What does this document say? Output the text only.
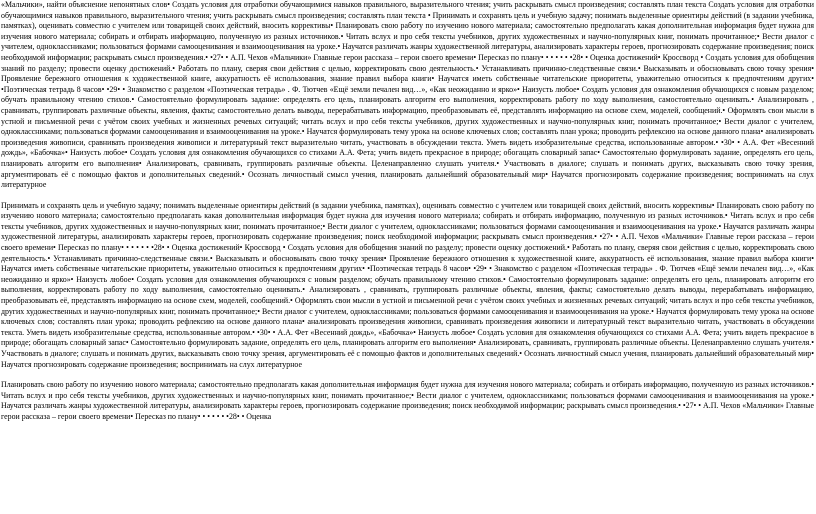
«Мальчики», найти объяснение непонятных слов• Создать условия для отработки обучающимися навыков правильного, выразительного чтения; учить раскрывать смысл произведения; составлять план текста Создать условия для отработки обучающимися навыков правильного, выразительного чтения; учить раскрывать смысл произведения; составлять план текста • Принимать и сохранять цель и учебную задачу; понимать выделенные ориентиры действий (в задании учебника, памятках), оценивать совместно с учителем или товарищей своих действий, вносить коррективы• Планировать свою работу по изучению нового материала; самостоятельно предполагать какая дополнительная информация будет нужна для изучения нового материала; собирать и отбирать информацию, полученную из разных источников.• Читать вслух и про себя тексты учебников, других художественных и научно-популярных книг, понимать прочитанное;• Вести диалог с учителем, одноклассниками; пользоваться формами самооценивания и взаимооценивания на уроке.• Научатся различать жанры художественной литературы, анализировать характеры героев, прогнозировать содержание произведения; поиск необходимой информации; раскрывать смысл произведения.• •27• • А.П. Чехов «Мальчики» Главные герои рассказа – герои своего времени• Пересказ по плану• • • • • • •28• • Оценка достижений• Кроссворд • Создать условия для обобщения знаний по разделу; провести оценку достижений.• Работать по плану, сверяя свои действия с целью, корректировать свою деятельность.• Устанавливать причинно-следственные связи.• Высказывать и обосновывать свою точку зрения• Проявление бережного отношения к художественной книге, аккуратность её использования, знание правил выбора книги• Научатся иметь собственные читательские приоритеты, уважительно относиться к предпочтениям других• •Поэтическая тетрадь 8 часов• •29• • Знакомство с разделом «Поэтическая тетрадь» . Ф. Тютчев «Ещё земли печален вид…», «Как неожиданно и ярко»• Наизусть любое• Создать условия для ознакомления обучающихся с новым разделом; обучать правильному чтению стихов.• Самостоятельно формулировать задание: определять его цель, планировать алгоритм его выполнения, корректировать работу по ходу выполнения, самостоятельно оценивать.• Анализировать , сравнивать, группировать различные объекты, явления, факты; самостоятельно делать выводы, перерабатывать информацию, преобразовывать её, представлять информацию на основе схем, моделей, сообщений.• Оформлять свои мысли в устной и письменной речи с учётом своих учебных и жизненных речевых ситуаций; читать вслух и про себя тексты учебников, других художественных и научно-популярных книг, понимать прочитанное;• Вести диалог с учителем, одноклассниками; пользоваться формами самооценивания и взаимооценивания на уроке.• Научатся формулировать тему урока на основе ключевых слов; составлять план урока; проводить рефлексию на основе данного плана• анализировать произведения живописи, сравнивать произведения живописи и литературный текст выразительно читать, участвовать в обсуждении текста. Уметь видеть изобразительные средства, использованные автором.• •30• • А.А. Фет «Весенний дождь», «Бабочка»• Наизусть любое• Создать условия для ознакомления обучающихся со стихами А.А. Фета; учить видеть прекрасное в природе; обогащать словарный запас• Самостоятельно формулировать задание, определять его цель, планировать алгоритм его выполнения• Анализировать, сравнивать, группировать различные объекты. Целенаправленно слушать учителя.• Участвовать в диалоге; слушать и понимать других, высказывать свою точку зрения, аргументировать её с помощью фактов и дополнительных сведений.• Осознать личностный смысл учения, планировать дальнейший образовательный мир• Научатся прогнозировать содержание произведения; воспринимать на слух литературное
Принимать и сохранять цель и учебную задачу; понимать выделенные ориентиры действий (в задании учебника, памятках), оценивать совместно с учителем или товарищей своих действий, вносить коррективы• Планировать свою работу по изучению нового материала; самостоятельно предполагать какая дополнительная информация будет нужна для изучения нового материала; собирать и отбирать информацию, полученную из разных источников.• Читать вслух и про себя тексты учебников, других художественных и научно-популярных книг, понимать прочитанное;• Вести диалог с учителем, одноклассниками; пользоваться формами самооценивания и взаимооценивания на уроке.• Научатся различать жанры художественной литературы, анализировать характеры героев, прогнозировать содержание произведения; поиск необходимой информации; раскрывать смысл произведения.• •27• • А.П. Чехов «Мальчики» Главные герои рассказа – герои своего времени• Пересказ по плану• • • • • • •28• • Оценка достижений• Кроссворд • Создать условия для обобщения знаний по разделу; провести оценку достижений.• Работать по плану, сверяя свои действия с целью, корректировать свою деятельность.• Устанавливать причинно-следственные связи.• Высказывать и обосновывать свою точку зрения• Проявление бережного отношения к художественной книге, аккуратность её использования, знание правил выбора книги• Научатся иметь собственные читательские приоритеты, уважительно относиться к предпочтениям других• •Поэтическая тетрадь 8 часов• •29• • Знакомство с разделом «Поэтическая тетрадь» . Ф. Тютчев «Ещё земли печален вид…», «Как неожиданно и ярко»• Наизусть любое• Создать условия для ознакомления обучающихся с новым разделом; обучать правильному чтению стихов.• Самостоятельно формулировать задание: определять его цель, планировать алгоритм его выполнения, корректировать работу по ходу выполнения, самостоятельно оценивать.• Анализировать , сравнивать, группировать различные объекты, явления, факты; самостоятельно делать выводы, перерабатывать информацию, преобразовывать её, представлять информацию на основе схем, моделей, сообщений.• Оформлять свои мысли в устной и письменной речи с учётом своих учебных и жизненных речевых ситуаций; читать вслух и про себя тексты учебников, других художественных и научно-популярных книг, понимать прочитанное;• Вести диалог с учителем, одноклассниками; пользоваться формами самооценивания и взаимооценивания на уроке.• Научатся формулировать тему урока на основе ключевых слов; составлять план урока; проводить рефлексию на основе данного плана• анализировать произведения живописи, сравнивать произведения живописи и литературный текст выразительно читать, участвовать в обсуждении текста. Уметь видеть изобразительные средства, использованные автором.• •30• • А.А. Фет «Весенний дождь», «Бабочка»• Наизусть любое• Создать условия для ознакомления обучающихся со стихами А.А. Фета; учить видеть прекрасное в природе; обогащать словарный запас• Самостоятельно формулировать задание, определять его цель, планировать алгоритм его выполнения• Анализировать, сравнивать, группировать различные объекты. Целенаправленно слушать учителя.• Участвовать в диалоге; слушать и понимать других, высказывать свою точку зрения, аргументировать её с помощью фактов и дополнительных сведений.• Осознать личностный смысл учения, планировать дальнейший образовательный мир• Научатся прогнозировать содержание произведения; воспринимать на слух литературное
Планировать свою работу по изучению нового материала; самостоятельно предполагать какая дополнительная информация будет нужна для изучения нового материала; собирать и отбирать информацию, полученную из разных источников.• Читать вслух и про себя тексты учебников, других художественных и научно-популярных книг, понимать прочитанное;• Вести диалог с учителем, одноклассниками; пользоваться формами самооценивания и взаимооценивания на уроке.• Научатся различать жанры художественной литературы, анализировать характеры героев, прогнозировать содержание произведения; поиск необходимой информации; раскрывать смысл произведения.• •27• • А.П. Чехов «Мальчики» Главные герои рассказа – герои своего времени• Пересказ по плану• • • • • • •28• • Оценка
